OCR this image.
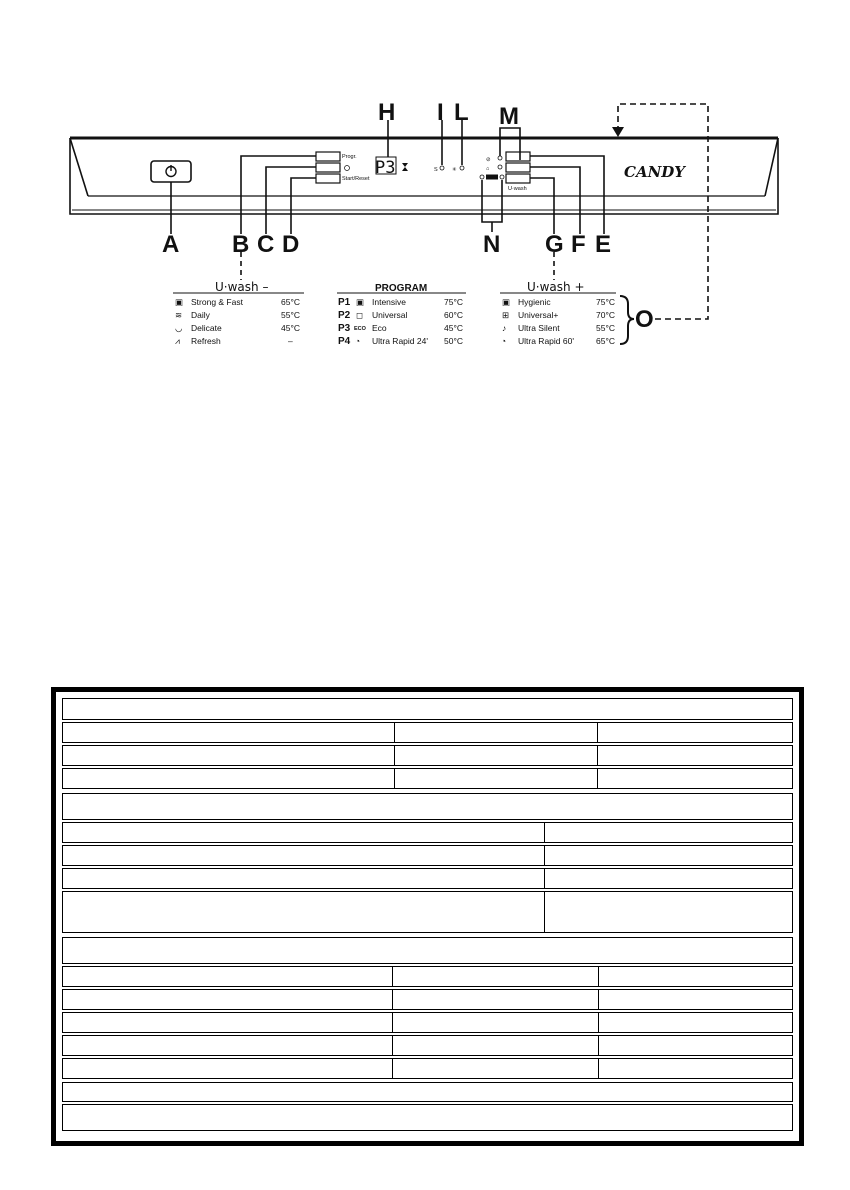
Progr.
Start/Reset
P3	S	✳
⊘
⌂
U·wash
CANDY
A B C D
H I L M
N G F E
O
U·wash –
▣ Strong & Fast	65°C
≋ Daily	55°C
◡ Delicate	45°C
⩘ Refresh	–
PROGRAM
P1 ▣ Intensive	75°C
P2 ◻ Universal	60°C
P3 ECO Eco	45°C
P4 ◔ Ultra Rapid 24' 50°C
U·wash +
▣ Hygienic	75°C
⊞ Universal+	70°C
♪ Ultra Silent	55°C
◔ Ultra Rapid 60'	65°C
